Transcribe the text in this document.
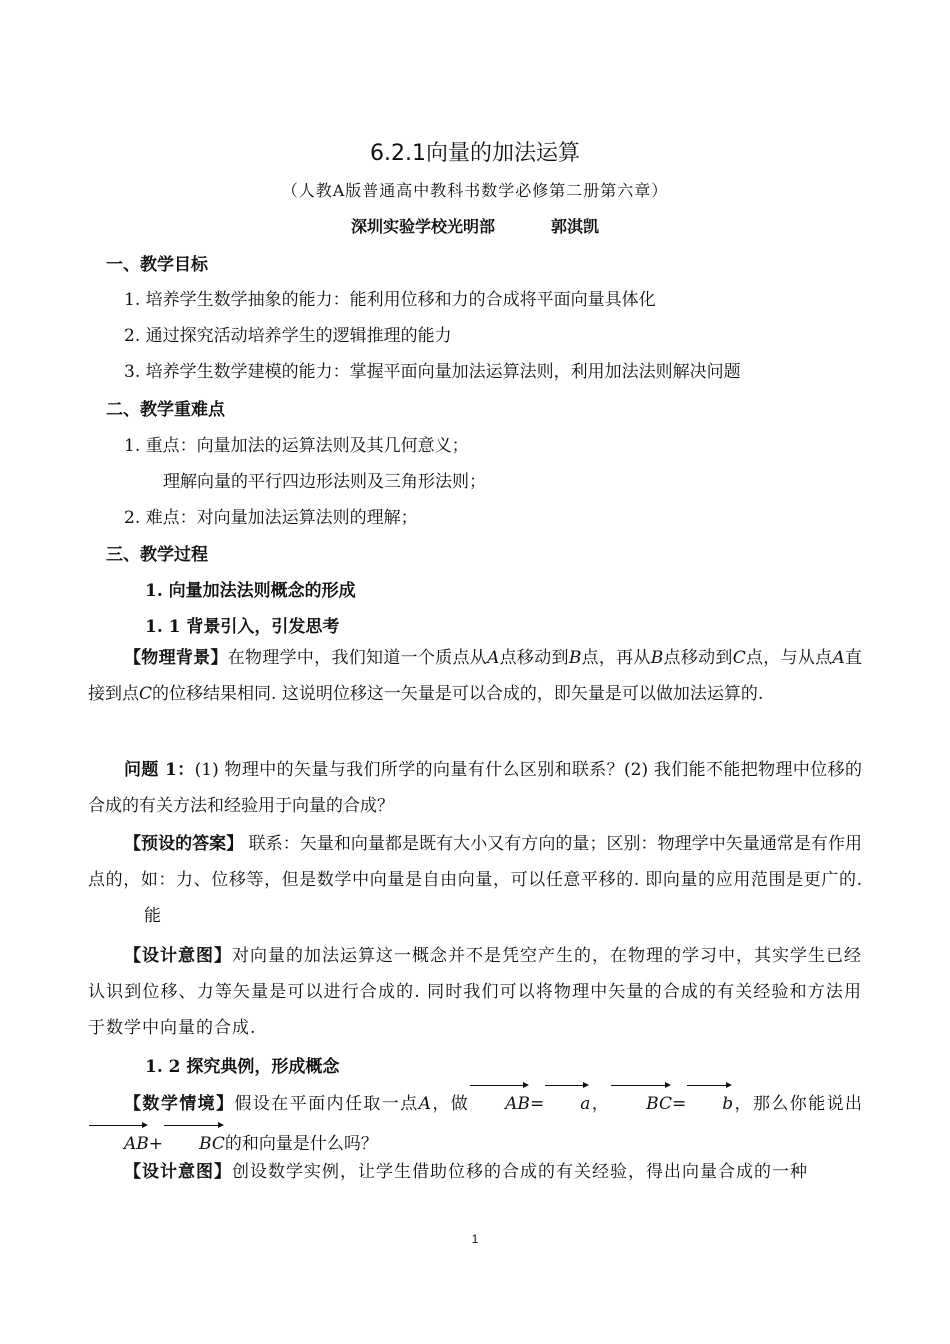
6.2.1向量的加法运算
（人教A版普通高中教科书数学必修第二册第六章）
深圳实验学校光明部	郭淇凯
一、教学目标
1. 培养学生数学抽象的能力：能利用位移和力的合成将平面向量具体化
2. 通过探究活动培养学生的逻辑推理的能力
3. 培养学生数学建模的能力：掌握平面向量加法运算法则，利用加法法则解决问题
二、教学重难点
1. 重点：向量加法的运算法则及其几何意义；
理解向量的平行四边形法则及三角形法则；
2. 难点：对向量加法运算法则的理解；
三、教学过程
1. 向量加法法则概念的形成
1. 1 背景引入，引发思考
【物理背景】在物理学中，我们知道一个质点从A点移动到B点，再从B点移动到C点，与从点A直接到点C的位移结果相同. 这说明位移这一矢量是可以合成的，即矢量是可以做加法运算的.
问题 1：(1) 物理中的矢量与我们所学的向量有什么区别和联系？(2) 我们能不能把物理中位移的合成的有关方法和经验用于向量的合成？
【预设的答案】 联系：矢量和向量都是既有大小又有方向的量；区别：物理学中矢量通常是有作用点的，如：力、位移等，但是数学中向量是自由向量，可以任意平移的. 即向量的应用范围是更广的.能
【设计意图】对向量的加法运算这一概念并不是凭空产生的，在物理的学习中，其实学生已经认识到位移、力等矢量是可以进行合成的. 同时我们可以将物理中矢量的合成的有关经验和方法用于数学中向量的合成.
1. 2 探究典例，形成概念
【数学情境】假设在平面内任取一点A，做 AB= a， BC= b，那么你能说出AB+ BC的和向量是什么吗？
【设计意图】创设数学实例，让学生借助位移的合成的有关经验，得出向量合成的一种
1
